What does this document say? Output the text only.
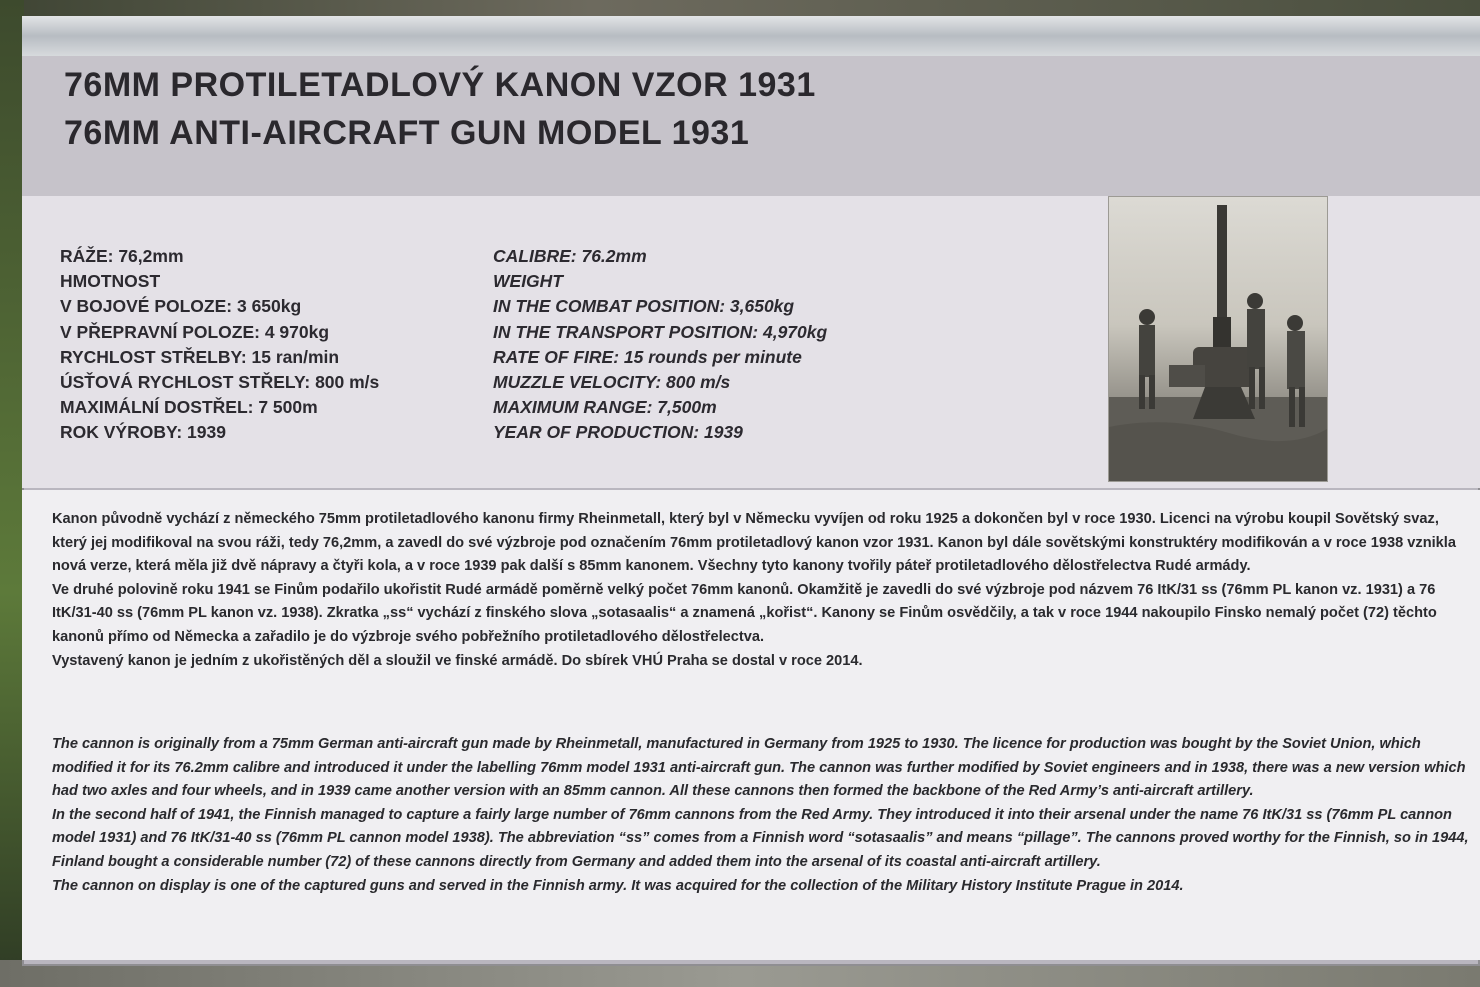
76MM PROTILETADLOVÝ KANON VZOR 1931
76MM ANTI-AIRCRAFT GUN MODEL 1931
RÁŽE: 76,2mm
HMOTNOST
V BOJOVÉ POLOZE: 3 650kg
V PŘEPRAVNÍ POLOZE: 4 970kg
RYCHLOST STŘELBY: 15 ran/min
ÚSŤOVÁ RYCHLOST STŘELY: 800 m/s
MAXIMÁLNÍ DOSTŘEL: 7 500m
ROK VÝROBY: 1939
CALIBRE: 76.2mm
WEIGHT
IN THE COMBAT POSITION: 3,650kg
IN THE TRANSPORT POSITION: 4,970kg
RATE OF FIRE: 15 rounds per minute
MUZZLE VELOCITY: 800 m/s
MAXIMUM RANGE: 7,500m
YEAR OF PRODUCTION: 1939

Kanon původně vychází z německého 75mm protiletadlového kanonu firmy Rheinmetall, který byl v Německu vyvíjen od roku 1925 a dokončen byl v roce 1930. Licenci na výrobu koupil Sovětský svaz, který jej modifikoval na svou ráži, tedy 76,2mm, a zavedl do své výzbroje pod označením 76mm protiletadlový kanon vzor 1931. Kanon byl dále sovětskými konstruktéry modifikován a v roce 1938 vznikla nová verze, která měla již dvě nápravy a čtyři kola, a v roce 1939 pak další s 85mm kanonem. Všechny tyto kanony tvořily páteř protiletadlového dělostřelectva Rudé armády.

Ve druhé polovině roku 1941 se Finům podařilo ukořistit Rudé armádě poměrně velký počet 76mm kanonů. Okamžitě je zavedli do své výzbroje pod názvem 76 ItK/31 ss (76mm PL kanon vz. 1931) a 76 ItK/31-40 ss (76mm PL kanon vz. 1938). Zkratka „ss“ vychází z finského slova „sotasaalis“ a znamená „kořist“. Kanony se Finům osvědčily, a tak v roce 1944 nakoupilo Finsko nemalý počet (72) těchto kanonů přímo od Německa a zařadilo je do výzbroje svého pobřežního protiletadlového dělostřelectva.

Vystavený kanon je jedním z ukořistěných děl a sloužil ve finské armádě. Do sbírek VHÚ Praha se dostal v roce 2014.

The cannon is originally from a 75mm German anti-aircraft gun made by Rheinmetall, manufactured in Germany from 1925 to 1930. The licence for production was bought by the Soviet Union, which modified it for its 76.2mm calibre and introduced it under the labelling 76mm model 1931 anti-aircraft gun. The cannon was further modified by Soviet engineers and in 1938, there was a new version which had two axles and four wheels, and in 1939 came another version with an 85mm cannon. All these cannons then formed the backbone of the Red Army’s anti-aircraft artillery.

In the second half of 1941, the Finnish managed to capture a fairly large number of 76mm cannons from the Red Army. They introduced it into their arsenal under the name 76 ItK/31 ss (76mm PL cannon model 1931) and 76 ItK/31-40 ss (76mm PL cannon model 1938). The abbreviation “ss” comes from a Finnish word “sotasaalis” and means “pillage”. The cannons proved worthy for the Finnish, so in 1944, Finland bought a considerable number (72) of these cannons directly from Germany and added them into the arsenal of its coastal anti-aircraft artillery.

The cannon on display is one of the captured guns and served in the Finnish army. It was acquired for the collection of the Military History Institute Prague in 2014.
